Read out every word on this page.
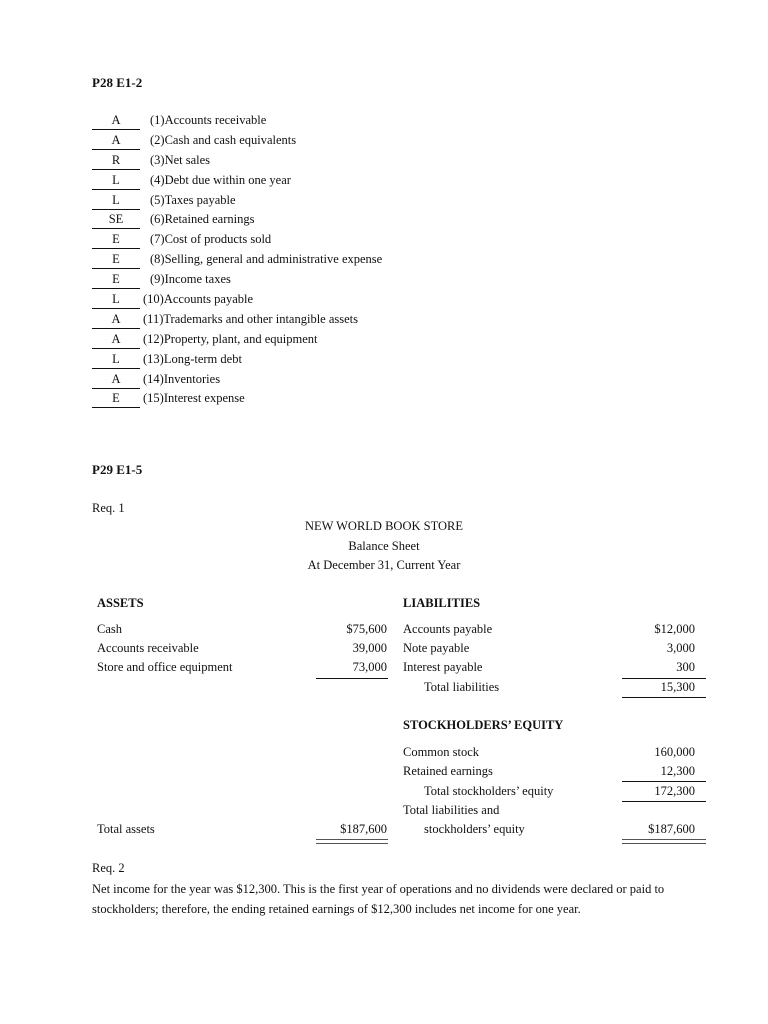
P28 E1-2
A	(1)Accounts receivable
A	(2)Cash and cash equivalents
R	(3)Net sales
L	(4)Debt due within one year
L	(5)Taxes payable
SE	(6)Retained earnings
E	(7)Cost of products sold
E	(8)Selling, general and administrative expense
E	(9)Income taxes
L	(10)Accounts payable
A	(11)Trademarks and other intangible assets
A	(12)Property, plant, and equipment
L	(13)Long-term debt
A	(14)Inventories
E	(15)Interest expense
P29 E1-5
Req. 1
NEW WORLD BOOK STORE
Balance Sheet
At December 31, Current Year
ASSETS
Cash	$75,600
Accounts receivable	39,000
Store and office equipment	73,000
Total assets	$187,600
LIABILITIES
Accounts payable	$12,000
Note payable	3,000
Interest payable	300
Total liabilities	15,300
STOCKHOLDERS’ EQUITY
Common stock	160,000
Retained earnings	12,300
Total stockholders’ equity	172,300
Total liabilities and
stockholders’ equity	$187,600
Req. 2
Net income for the year was $12,300. This is the first year of operations and no dividends were declared or paid to stockholders; therefore, the ending retained earnings of $12,300 includes net income for one year.
